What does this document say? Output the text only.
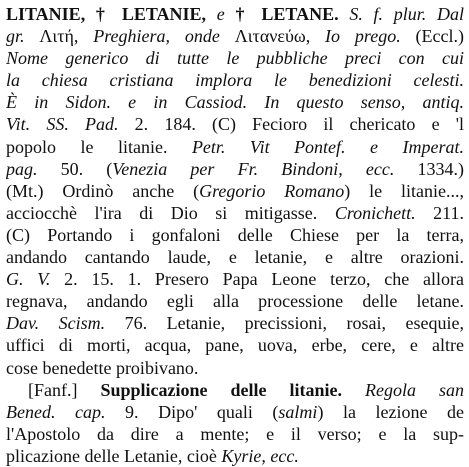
LITANIE, † LETANIE, e † LETANE. S. f. plur. Dal
gr. Λιτή, Preghiera, onde Λιτανεύω, Io prego. (Eccl.)
Nome generico di tutte le pubbliche preci con cui
la chiesa cristiana implora le benedizioni celesti.
È in Sidon. e in Cassiod. In questo senso, antiq.
Vit. SS. Pad. 2. 184. (C) Fecioro il chericato e 'l
popolo le litanie. Petr. Vit Pontef. e Imperat.
pag. 50. (Venezia per Fr. Bindoni, ecc. 1334.)
(Mt.) Ordinò anche (Gregorio Romano) le litanie...,
acciocchè l'ira di Dio si mitigasse. Cronichett. 211.
(C) Portando i gonfaloni delle Chiese per la terra,
andando cantando laude, e letanie, e altre orazioni.
G. V. 2. 15. 1. Presero Papa Leone terzo, che allora
regnava, andando egli alla processione delle letane.
Dav. Scism. 76. Letanie, precissioni, rosai, esequie,
uffici di morti, acqua, pane, uova, erbe, cere, e altre
cose benedette proibivano.
[Fanf.] Supplicazione delle litanie. Regola san
Bened. cap. 9. Dipo' quali (salmi) la lezione de
l'Apostolo da dire a mente; e il verso; e la sup-
plicazione delle Letanie, cioè Kyrie, ecc.
